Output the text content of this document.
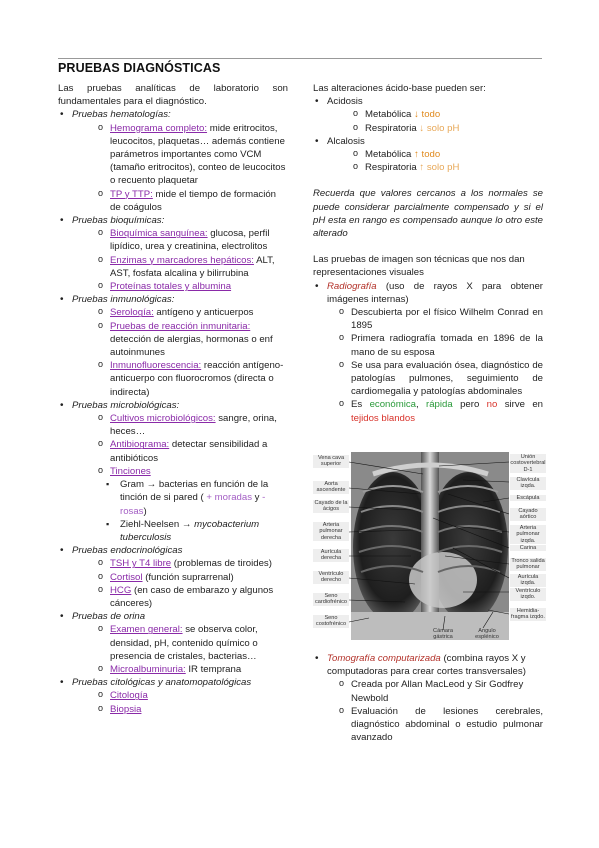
PRUEBAS DIAGNÓSTICAS

Las pruebas analíticas de laboratorio son fundamentales para el diagnóstico.

• Pruebas hematologías:
o Hemograma completo: mide eritrocitos, leucocitos, plaquetas… además contiene parámetros importantes como VCM (tamaño eritrocitos), conteo de leucocitos o recuento plaquetar
o TP y TTP: mide el tiempo de formación de coágulos
• Pruebas bioquímicas:
o Bioquímica sanguínea: glucosa, perfil lipídico, urea y creatinina, electrolitos
o Enzimas y marcadores hepáticos: ALT, AST, fosfata alcalina y bilirrubina
o Proteínas totales y albumina
• Pruebas inmunológicas:
o Serología: antígeno y anticuerpos
o Pruebas de reacción inmunitaria: detección de alergias, hormonas o enf autoinmunes
o Inmunofluorescencia: reacción antígeno-anticuerpo con fluorocromos (directa o indirecta)
• Pruebas microbiológicas:
o Cultivos microbiológicos: sangre, orina, heces…
o Antibiograma: detectar sensibilidad a antibióticos
o Tinciones
▪ Gram → bacterias en función de la tinción de si pared ( + moradas y - rosas)
▪ Ziehl-Neelsen → mycobacterium tuberculosis
• Pruebas endocrinológicas
o TSH y T4 libre (problemas de tiroides)
o Cortisol (función suprarrenal)
o HCG (en caso de embarazo y algunos cánceres)
• Pruebas de orina
o Examen general: se observa color, densidad, pH, contenido químico o presencia de cristales, bacterias…
o Microalbuminuria: IR temprana
• Pruebas citológicas y anatomopatológicas
o Citología
o Biopsia

Las alteraciones ácido-base pueden ser:

• Acidosis
o Metabólica ↓ todo
o Respiratoria ↓ solo pH
• Alcalosis
o Metabólica ↑ todo
o Respiratoria ↑ solo pH

Recuerda que valores cercanos a los normales se puede considerar parcialmente compensado y si el pH esta en rango es compensado aunque lo otro este alterado

Las pruebas de imagen son técnicas que nos dan representaciones visuales

• Radiografía (uso de rayos X para obtener imágenes internas)
o Descubierta por el físico Wilhelm Conrad en 1895
o Primera radiografía tomada en 1896 de la mano de su esposa
o Se usa para evaluación ósea, diagnóstico de patologías pulmones, seguimiento de cardiomegalia y patologías abdominales
o Es económica, rápida pero no sirve en tejidos blandos
Vena cava superior
Aorta ascendente
Cayado de la ácigos
Arteria pulmonar derecha
Aurícula derecha
Ventrículo derecho
Seno cardiofrénico
Seno costofrénico
Unión costovertebral D-1
Clavícula izqda.
Escápula
Cayado aórtico
Arteria pulmonar izqda.
Carina
Tronco salida pulmonar
Aurícula izqda.
Ventrículo izqdo.
Hemidia-fragma izqdo.
Cámara gástrica
Angulo esplénico
• Tomografía computarizada (combina rayos X y computadoras para crear cortes transversales)
o Creada por Allan MacLeod y Sir Godfrey Newbold
o Evaluación de lesiones cerebrales, diagnóstico abdominal o estudio pulmonar avanzado
